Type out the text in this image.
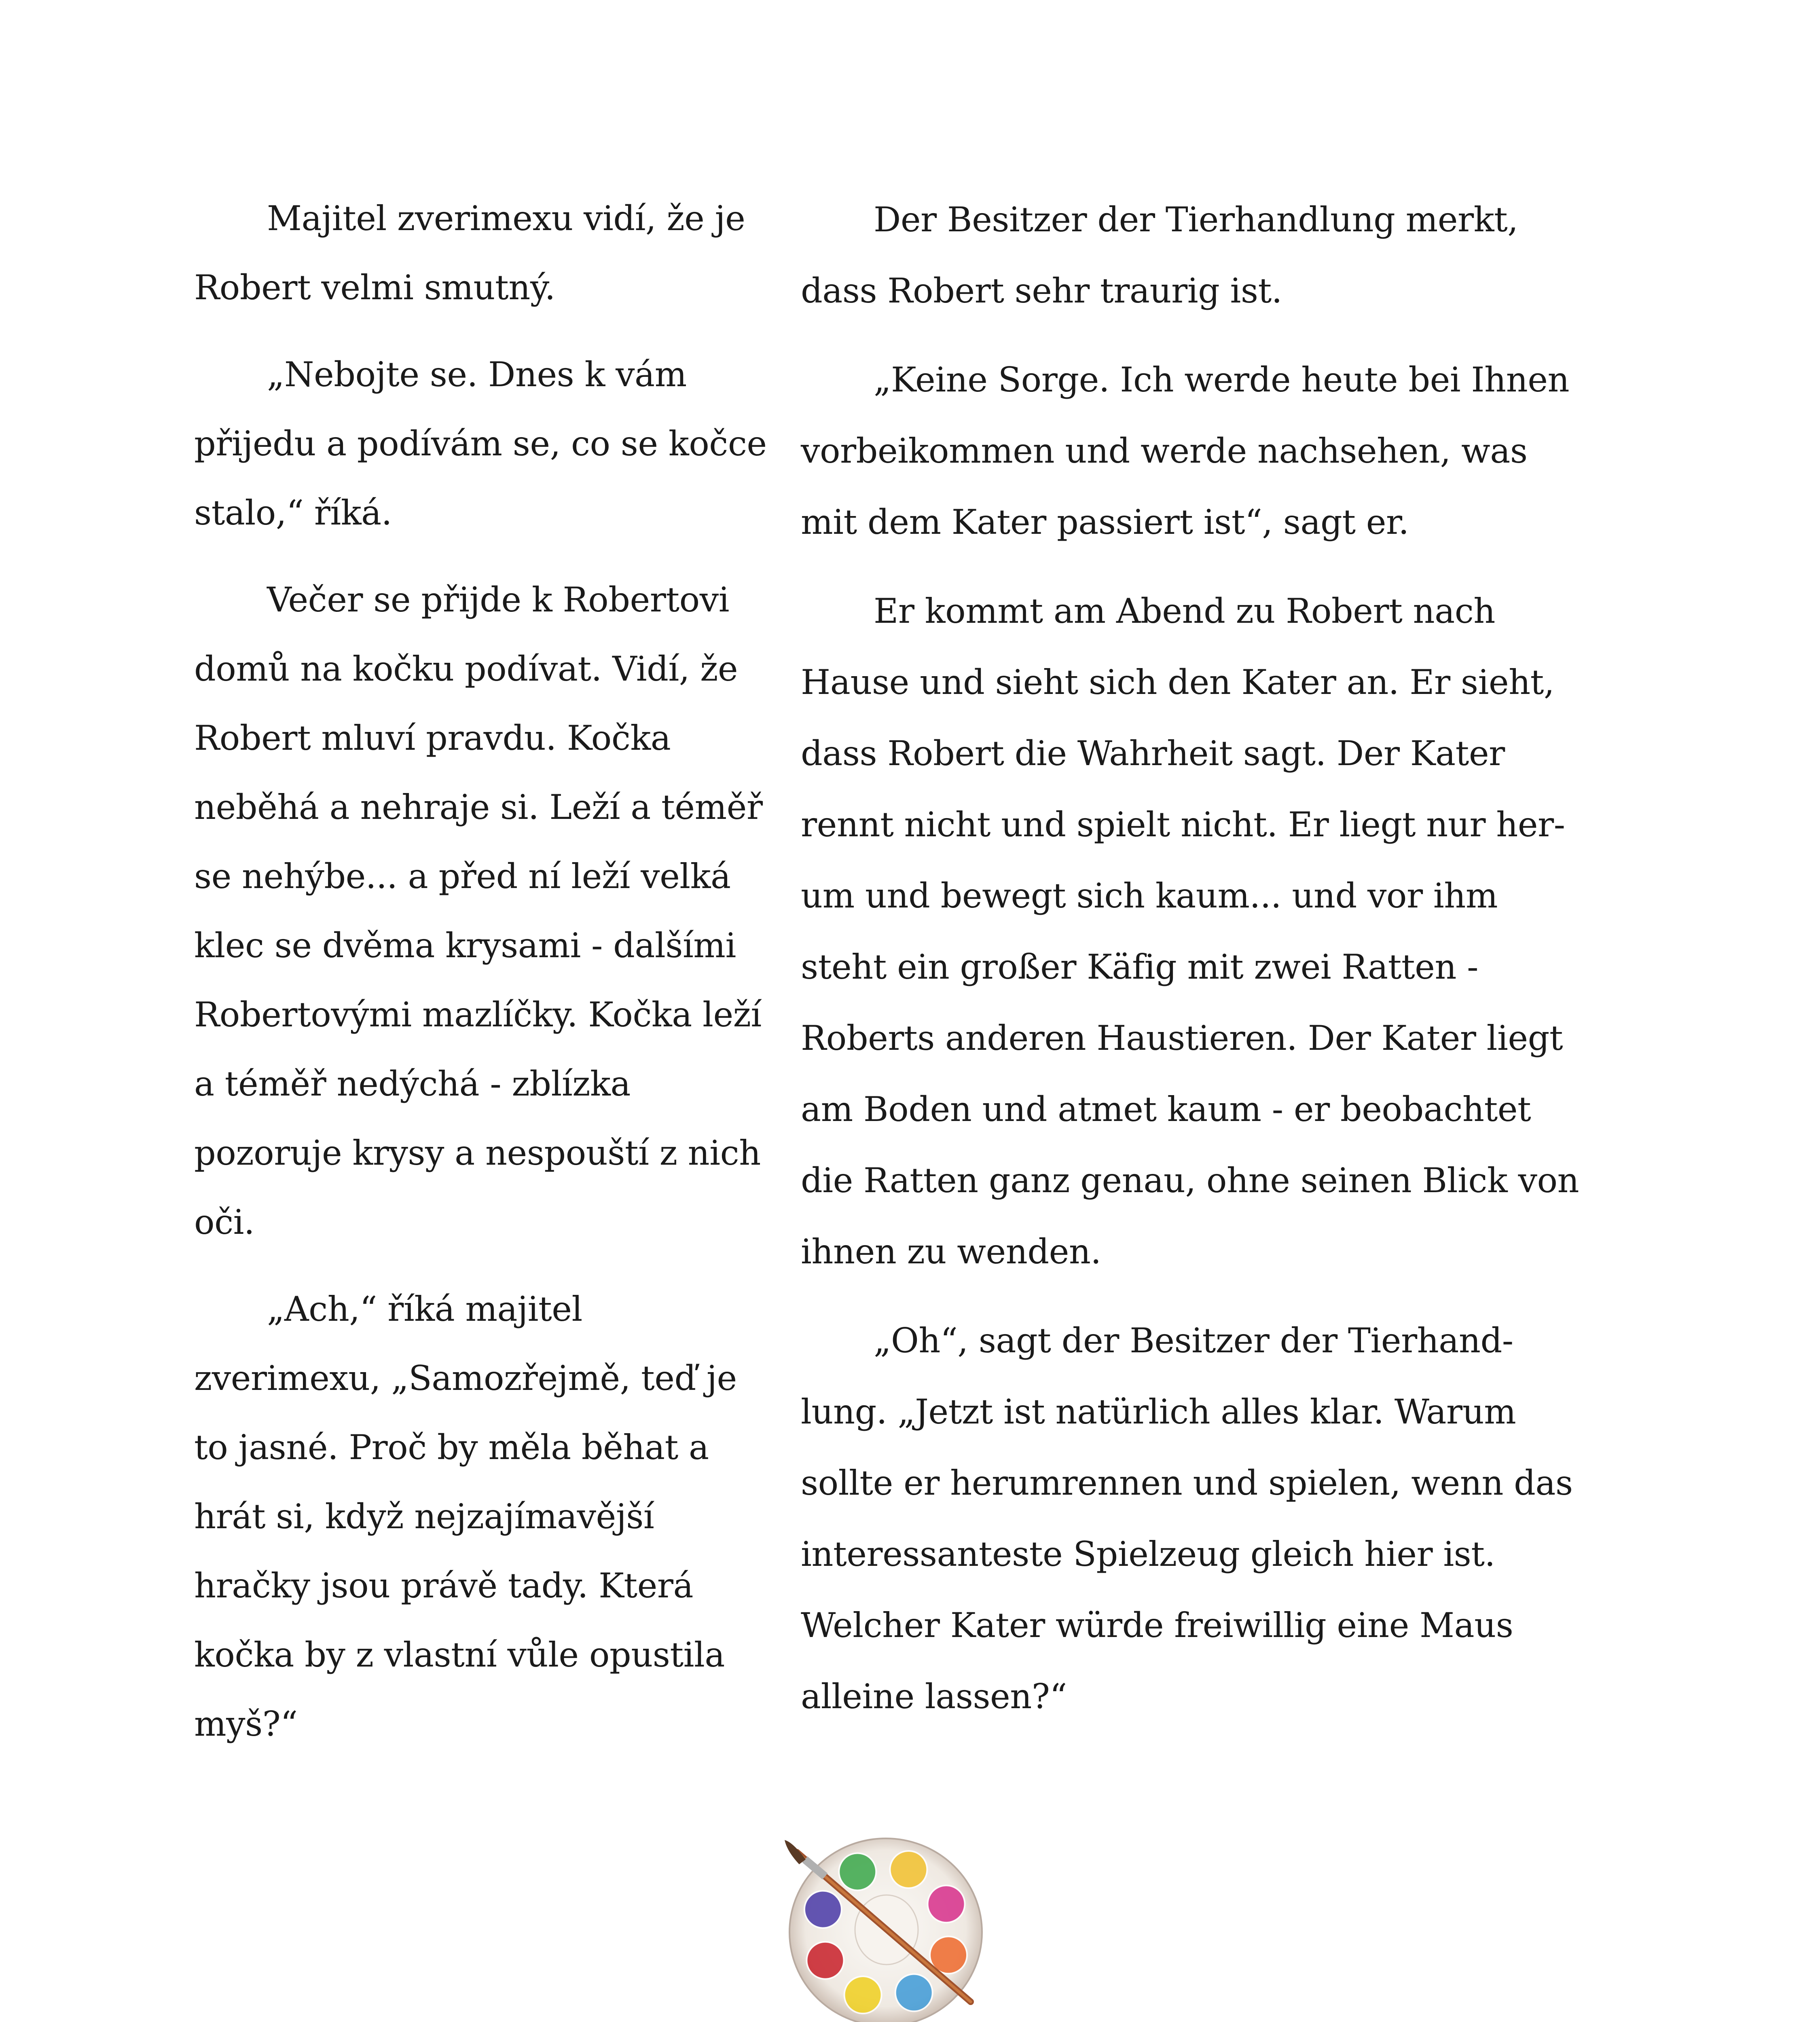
Majitel zverimexu vidí, že je Robert velmi smutný.

„Nebojte se. Dnes k vám přijedu a podívám se, co se kočce stalo,“ říká.

Večer se přijde k Robertovi domů na kočku podívat. Vidí, že Robert mluví pravdu. Kočka neběhá a nehraje si. Leží a téměř se nehýbe... a před ní leží velká klec se dvěma krysami - dalšími Robertovými mazlíčky. Kočka leží a téměř nedýchá - zblízka pozoruje krysy a nespouští z nich oči.

„Ach,“ říká majitel zverimexu, „Samozřejmě, teď je to jasné. Proč by měla běhat a hrát si, když nejzajímavější hračky jsou právě tady. Která kočka by z vlastní vůle opustila myš?“

Der Besitzer der Tierhandlung merkt, dass Robert sehr traurig ist.

„Keine Sorge. Ich werde heute bei Ihnen vorbeikommen und werde nachsehen, was mit dem Kater passiert ist“, sagt er.

Er kommt am Abend zu Robert nach Hause und sieht sich den Kater an. Er sieht, dass Robert die Wahrheit sagt. Der Kater rennt nicht und spielt nicht. Er liegt nur her-um und bewegt sich kaum... und vor ihm steht ein großer Käfig mit zwei Ratten - Roberts anderen Haustieren. Der Kater liegt am Boden und atmet kaum - er beobachtet die Ratten ganz genau, ohne seinen Blick von ihnen zu wenden.

„Oh“, sagt der Besitzer der Tierhand-lung. „Jetzt ist natürlich alles klar. Warum sollte er herumrennen und spielen, wenn das interessanteste Spielzeug gleich hier ist. Welcher Kater würde freiwillig eine Maus alleine lassen?“
